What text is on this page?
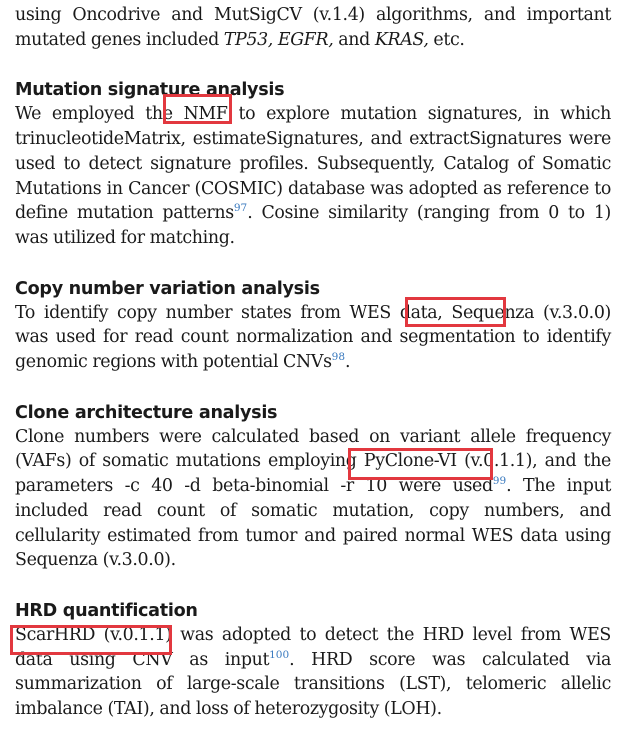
using Oncodrive and MutSigCV (v.1.4) algorithms, and important mutated genes included TP53, EGFR, and KRAS, etc.

Mutation signature analysis

We employed the NMF to explore mutation signatures, in which trinucleotideMatrix, estimateSignatures, and extractSignatures were used to detect signature profiles. Subsequently, Catalog of Somatic Mutations in Cancer (COSMIC) database was adopted as reference to define mutation patterns$^{97}$. Cosine similarity (ranging from 0 to 1) was utilized for matching.

Copy number variation analysis

To identify copy number states from WES data, Sequenza (v.3.0.0) was used for read count normalization and segmentation to identify genomic regions with potential CNVs$^{98}$.

Clone architecture analysis

Clone numbers were calculated based on variant allele frequency (VAFs) of somatic mutations employing PyClone-VI (v.0.1.1), and the parameters -c 40 -d beta-binomial -r 10 were used$^{99}$. The input included read count of somatic mutation, copy numbers, and cellularity estimated from tumor and paired normal WES data using Sequenza (v.3.0.0).

HRD quantification

ScarHRD (v.0.1.1) was adopted to detect the HRD level from WES data using CNV as input$^{100}$. HRD score was calculated via summarization of large-scale transitions (LST), telomeric allelic imbalance (TAI), and loss of heterozygosity (LOH).
